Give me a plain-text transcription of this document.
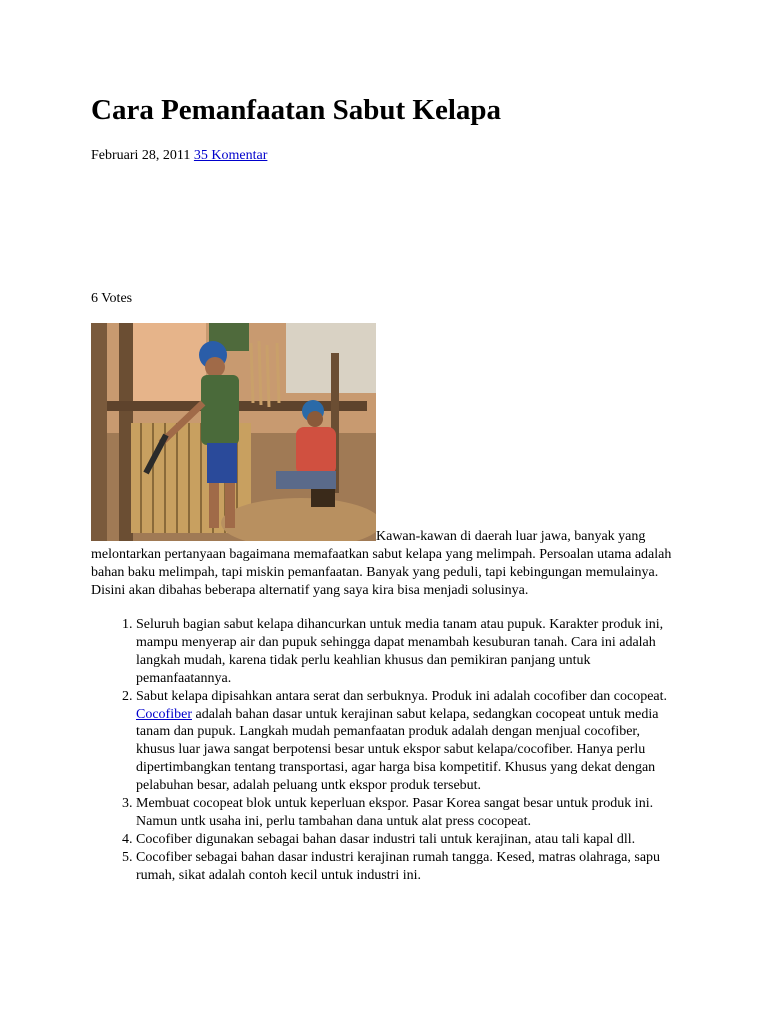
Cara Pemanfaatan Sabut Kelapa
Februari 28, 2011 35 Komentar
6 Votes
Kawan-kawan di daerah luar jawa, banyak yang

melontarkan pertanyaan bagaimana memafaatkan sabut kelapa yang melimpah. Persoalan utama adalah bahan baku melimpah, tapi miskin pemanfaatan. Banyak yang peduli, tapi kebingungan memulainya.

Disini akan dibahas beberapa alternatif yang saya kira bisa menjadi solusinya.

1. Seluruh bagian sabut kelapa dihancurkan untuk media tanam atau pupuk. Karakter produk ini, mampu menyerap air dan pupuk sehingga dapat menambah kesuburan tanah. Cara ini adalah langkah mudah, karena tidak perlu keahlian khusus dan pemikiran panjang untuk pemanfaatannya.
2. Sabut kelapa dipisahkan antara serat dan serbuknya. Produk ini adalah cocofiber dan cocopeat. Cocofiber adalah bahan dasar untuk kerajinan sabut kelapa, sedangkan cocopeat untuk media tanam dan pupuk. Langkah mudah pemanfaatan produk adalah dengan menjual cocofiber, khusus luar jawa sangat berpotensi besar untuk ekspor sabut kelapa/cocofiber. Hanya perlu dipertimbangkan tentang transportasi, agar harga bisa kompetitif. Khusus yang dekat dengan pelabuhan besar, adalah peluang untk ekspor produk tersebut.
3. Membuat cocopeat blok untuk keperluan ekspor. Pasar Korea sangat besar untuk produk ini. Namun untk usaha ini, perlu tambahan dana untuk alat press cocopeat.
4. Cocofiber digunakan sebagai bahan dasar industri tali untuk kerajinan, atau tali kapal dll.
5. Cocofiber sebagai bahan dasar industri kerajinan rumah tangga. Kesed, matras olahraga, sapu rumah, sikat adalah contoh kecil untuk industri ini.
